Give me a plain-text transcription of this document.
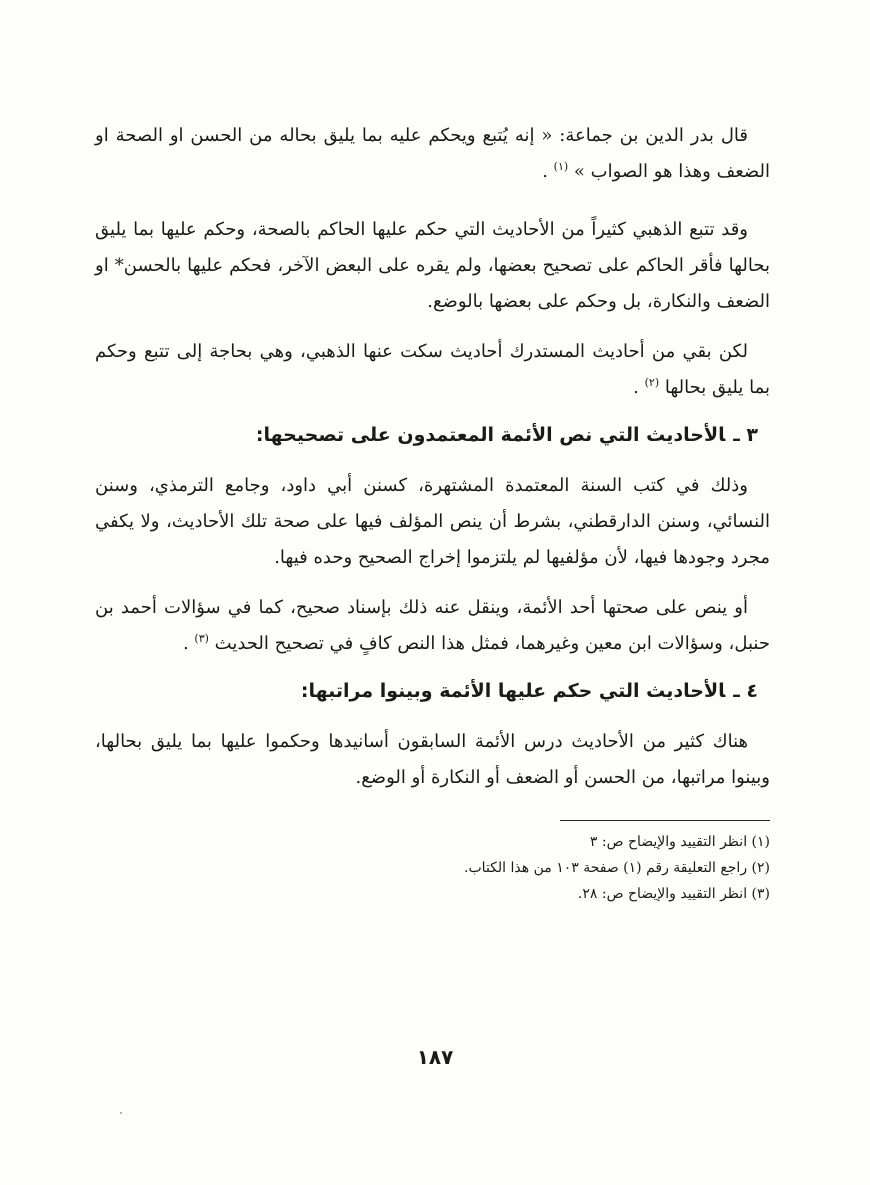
قال بدر الدين بن جماعة: « إنه يُتبع ويحكم عليه بما يليق بحاله من الحسن او الصحة او الضعف وهذا هو الصواب » $^{(١)}$ .

وقد تتبع الذهبي كثيراً من الأحاديث التي حكم عليها الحاكم بالصحة، وحكم عليها بما يليق بحالها فأقر الحاكم على تصحيح بعضها، ولم يقره على البعض الآخر، فحكم عليها بالحسن* او الضعف والنكارة، بل وحكم على بعضها بالوضع.

لكن بقي من أحاديث المستدرك أحاديث سكت عنها الذهبي، وهي بحاجة إلى تتبع وحكم بما يليق بحالها $^{(٢)}$ .

٣ ـالأحاديث التي نص الأئمة المعتمدون على تصحيحها:

وذلك في كتب السنة المعتمدة المشتهرة، كسنن أبي داود، وجامع الترمذي، وسنن النسائي، وسنن الدارقطني، بشرط أن ينص المؤلف فيها على صحة تلك الأحاديث، ولا يكفي مجرد وجودها فيها، لأن مؤلفيها لم يلتزموا إخراج الصحيح وحده فيها.

أو ينص على صحتها أحد الأئمة، وينقل عنه ذلك بإسناد صحيح، كما في سؤالات أحمد بن حنبل، وسؤالات ابن معين وغيرهما، فمثل هذا النص كافٍ في تصحيح الحديث $^{(٣)}$ .

٤ ـالأحاديث التي حكم عليها الأئمة وبينوا مراتبها:

هناك كثير من الأحاديث درس الأئمة السابقون أسانيدها وحكموا عليها بما يليق بحالها، وبينوا مراتبها، من الحسن أو الضعف أو النكارة أو الوضع.

(١) انظر التقييد والإيضاح ص: ٣

(٢) راجع التعليقة رقم (١) صفحة ١٠٣ من هذا الكتاب.

(٣) انظر التقييد والإيضاح ص: ٢٨.

١٨٧
